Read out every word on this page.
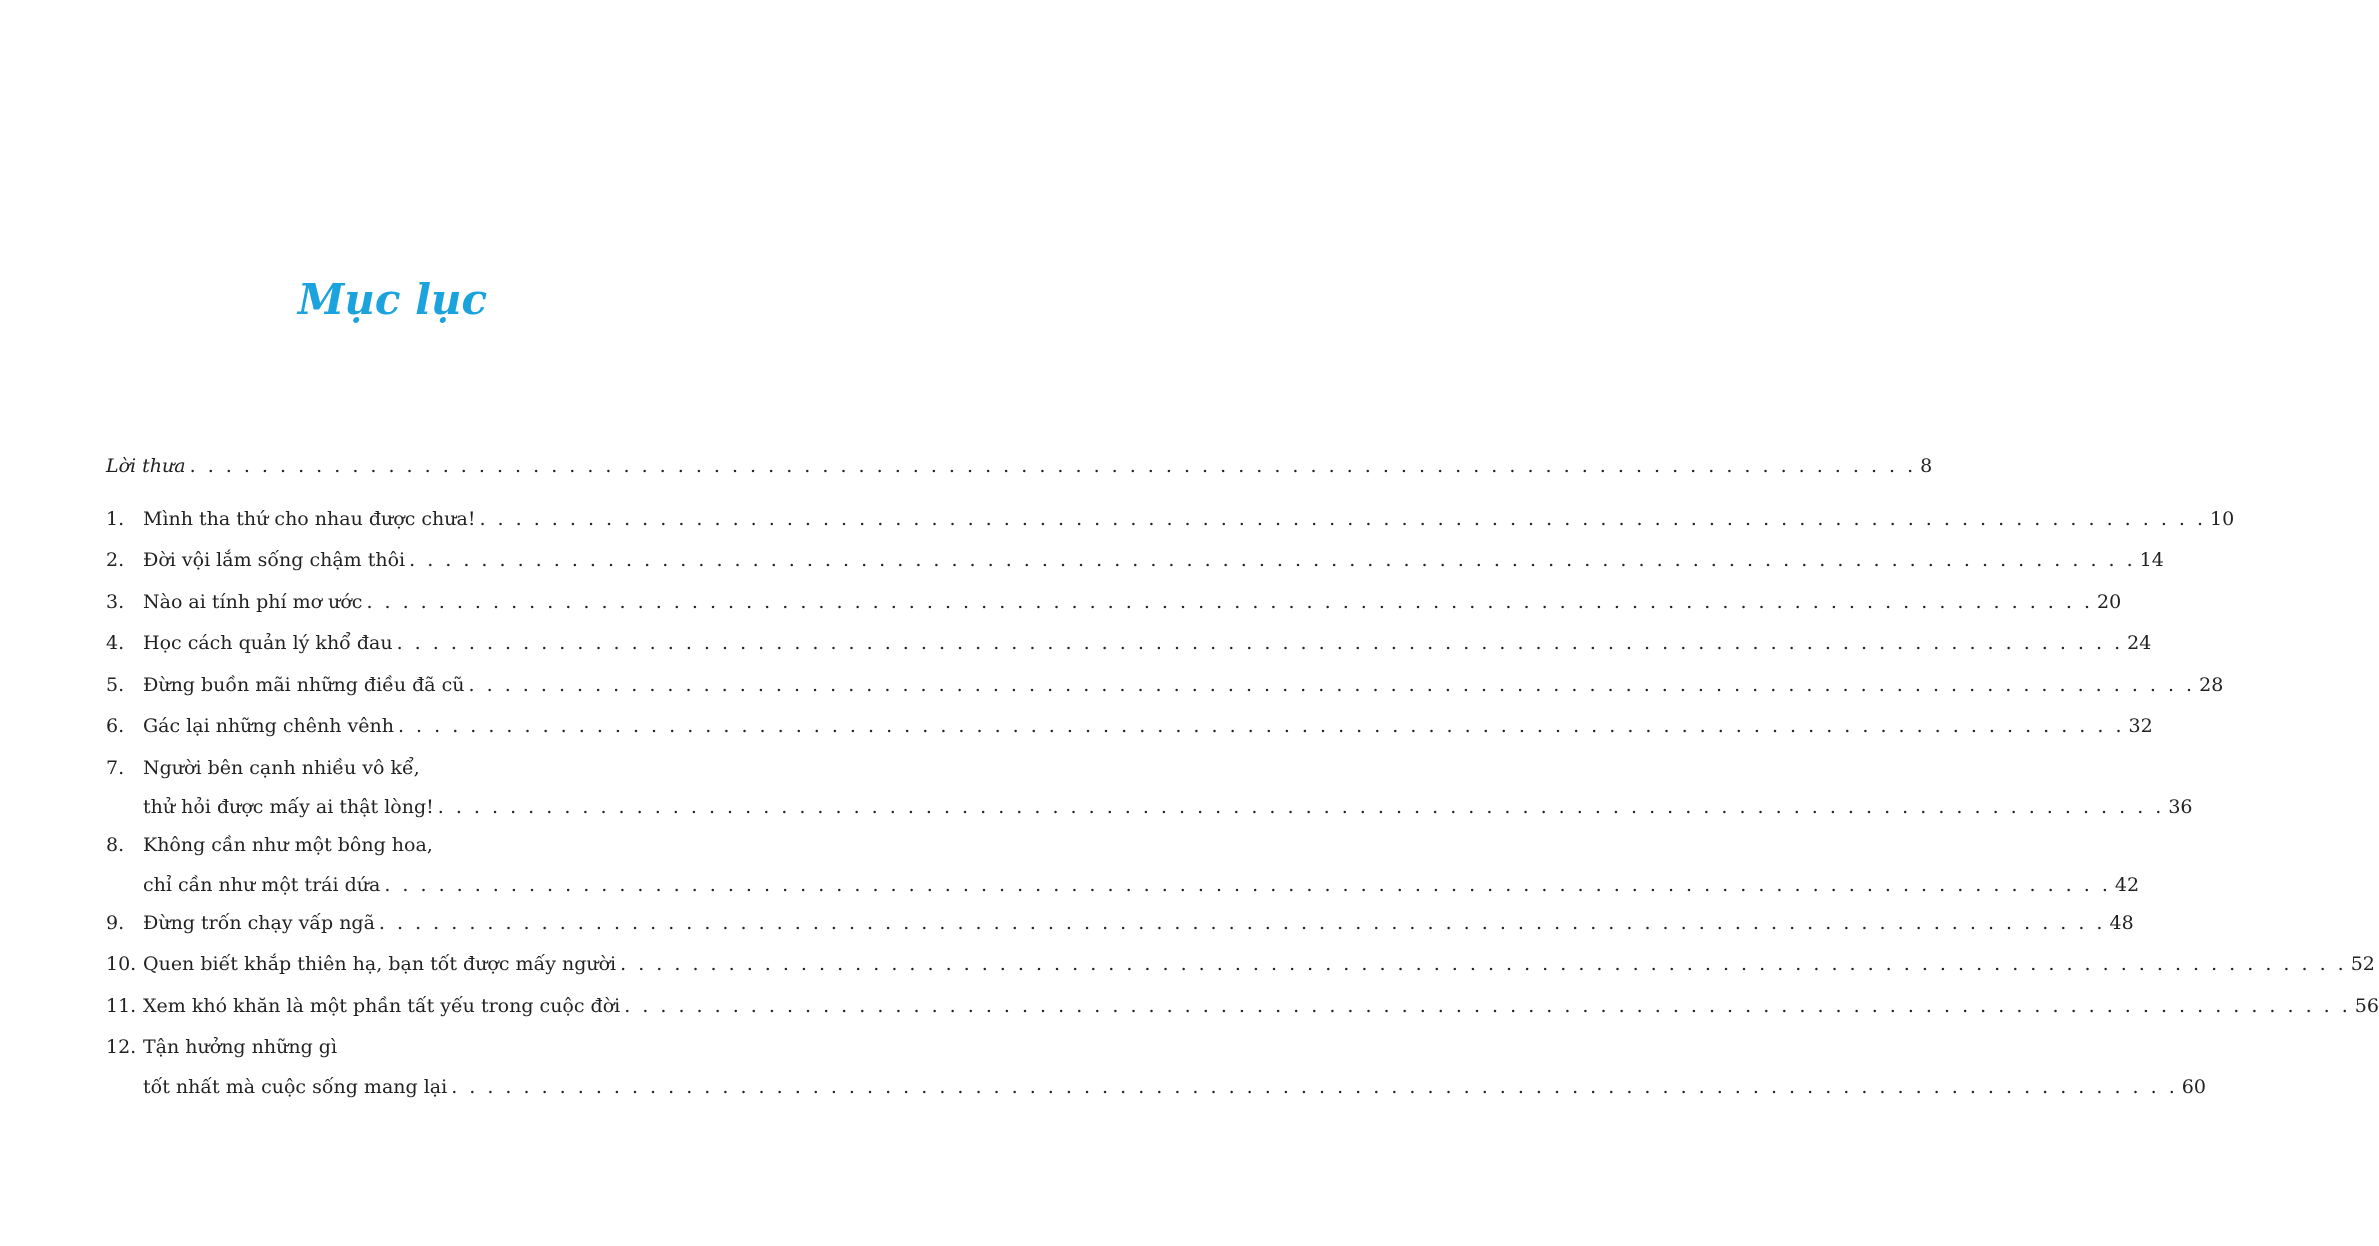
Mục lục
Lời thưa . . . . . . . . . . . . . . . . . . . . . . . . . . . . . . . . . . . . . . . . . . . . . . . . . . . . . . . . . . . . . . . . . . . . . . . . . . . . . . . . . . . . . . . . . . . . . . . . 8
1. Mình tha thứ cho nhau được chưa! . . . . . . . . . . . . . . . . . . . . . . . . . . . . . . . . . . . . . . . . . . . . . . . . . . . . . . . . . . . . . . . . . . . . . . . . . . . . . . . . . . . . . . . . . . . . . . . . 10
2. Đời vội lắm sống chậm thôi . . . . . . . . . . . . . . . . . . . . . . . . . . . . . . . . . . . . . . . . . . . . . . . . . . . . . . . . . . . . . . . . . . . . . . . . . . . . . . . . . . . . . . . . . . . . . . . . 14
3. Nào ai tính phí mơ ước . . . . . . . . . . . . . . . . . . . . . . . . . . . . . . . . . . . . . . . . . . . . . . . . . . . . . . . . . . . . . . . . . . . . . . . . . . . . . . . . . . . . . . . . . . . . . . . . 20
4. Học cách quản lý khổ đau . . . . . . . . . . . . . . . . . . . . . . . . . . . . . . . . . . . . . . . . . . . . . . . . . . . . . . . . . . . . . . . . . . . . . . . . . . . . . . . . . . . . . . . . . . . . . . . . 24
5. Đừng buồn mãi những điều đã cũ . . . . . . . . . . . . . . . . . . . . . . . . . . . . . . . . . . . . . . . . . . . . . . . . . . . . . . . . . . . . . . . . . . . . . . . . . . . . . . . . . . . . . . . . . . . . . . . . 28
6. Gác lại những chênh vênh . . . . . . . . . . . . . . . . . . . . . . . . . . . . . . . . . . . . . . . . . . . . . . . . . . . . . . . . . . . . . . . . . . . . . . . . . . . . . . . . . . . . . . . . . . . . . . . . 32
7. Người bên cạnh nhiều vô kể,
thử hỏi được mấy ai thật lòng! . . . . . . . . . . . . . . . . . . . . . . . . . . . . . . . . . . . . . . . . . . . . . . . . . . . . . . . . . . . . . . . . . . . . . . . . . . . . . . . . . . . . . . . . . . . . . . . . 36
8. Không cần như một bông hoa,
chỉ cần như một trái dứa . . . . . . . . . . . . . . . . . . . . . . . . . . . . . . . . . . . . . . . . . . . . . . . . . . . . . . . . . . . . . . . . . . . . . . . . . . . . . . . . . . . . . . . . . . . . . . . . 42
9. Đừng trốn chạy vấp ngã . . . . . . . . . . . . . . . . . . . . . . . . . . . . . . . . . . . . . . . . . . . . . . . . . . . . . . . . . . . . . . . . . . . . . . . . . . . . . . . . . . . . . . . . . . . . . . . . 48
10. Quen biết khắp thiên hạ, bạn tốt được mấy người . . . . . . . . . . . . . . . . . . . . . . . . . . . . . . . . . . . . . . . . . . . . . . . . . . . . . . . . . . . . . . . . . . . . . . . . . . . . . . . . . . . . . . . . . . . . . . . . 52
11. Xem khó khăn là một phần tất yếu trong cuộc đời . . . . . . . . . . . . . . . . . . . . . . . . . . . . . . . . . . . . . . . . . . . . . . . . . . . . . . . . . . . . . . . . . . . . . . . . . . . . . . . . . . . . . . . . . . . . . . . . 56
12. Tận hưởng những gì
tốt nhất mà cuộc sống mang lại . . . . . . . . . . . . . . . . . . . . . . . . . . . . . . . . . . . . . . . . . . . . . . . . . . . . . . . . . . . . . . . . . . . . . . . . . . . . . . . . . . . . . . . . . . . . . . . . 60
